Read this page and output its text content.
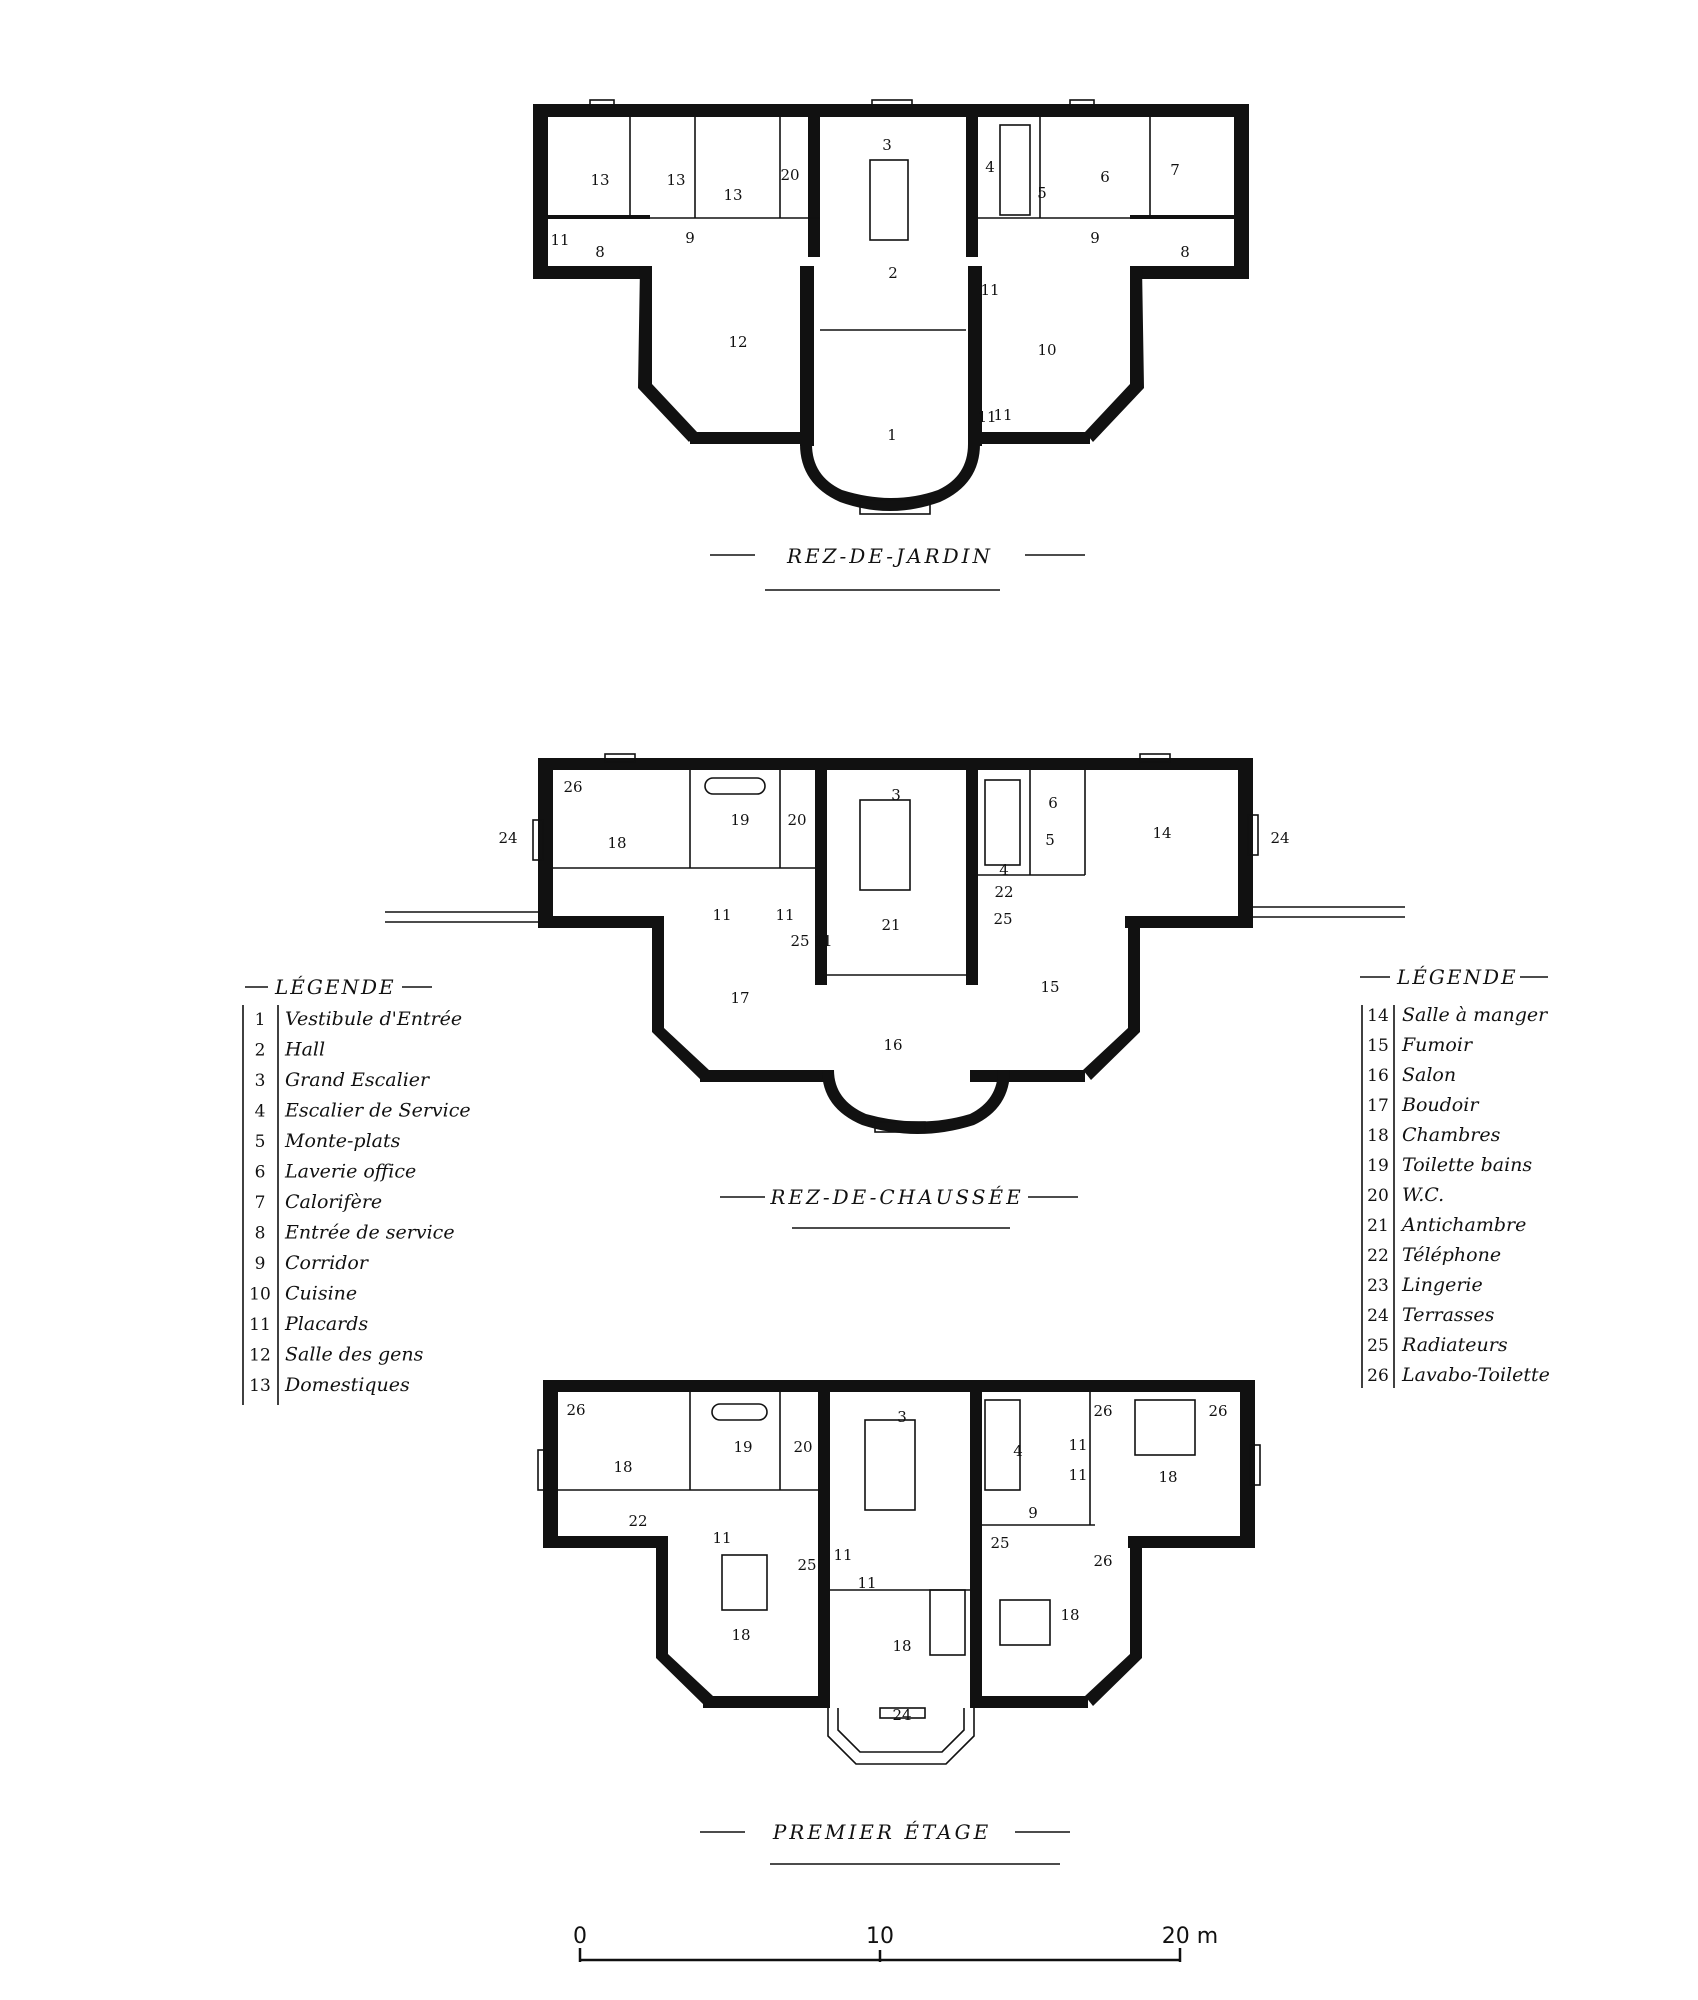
13	13
13
20
3
4
5
6	7
11
8
9
2
9
8
11
12	10
11
11
1
REZ-DE-JARDIN
26
18
19	20
3	6
5
4
14
24	24
11	11
21
22
25
25 11
17
16
15
REZ-DE-CHAUSSÉE
26
18
19	20
3
4	11
11
26	26
18
22	9
11
25
11
25
11
26
18
18
18
24
PREMIER ÉTAGE
LÉGENDE
1 Vestibule d'Entrée
2 Hall
3 Grand Escalier
4 Escalier de Service
5 Monte-plats
6 Laverie office
7 Calorifère
8 Entrée de service
9 Corridor
10 Cuisine
11 Placards
12 Salle des gens
13 Domestiques
LÉGENDE
14 Salle à manger
15 Fumoir
16 Salon
17 Boudoir
18 Chambres
19 Toilette bains
20 W.C.
21 Antichambre
22 Téléphone
23 Lingerie
24 Terrasses
25 Radiateurs
26 Lavabo-Toilette
0	10	20 m
